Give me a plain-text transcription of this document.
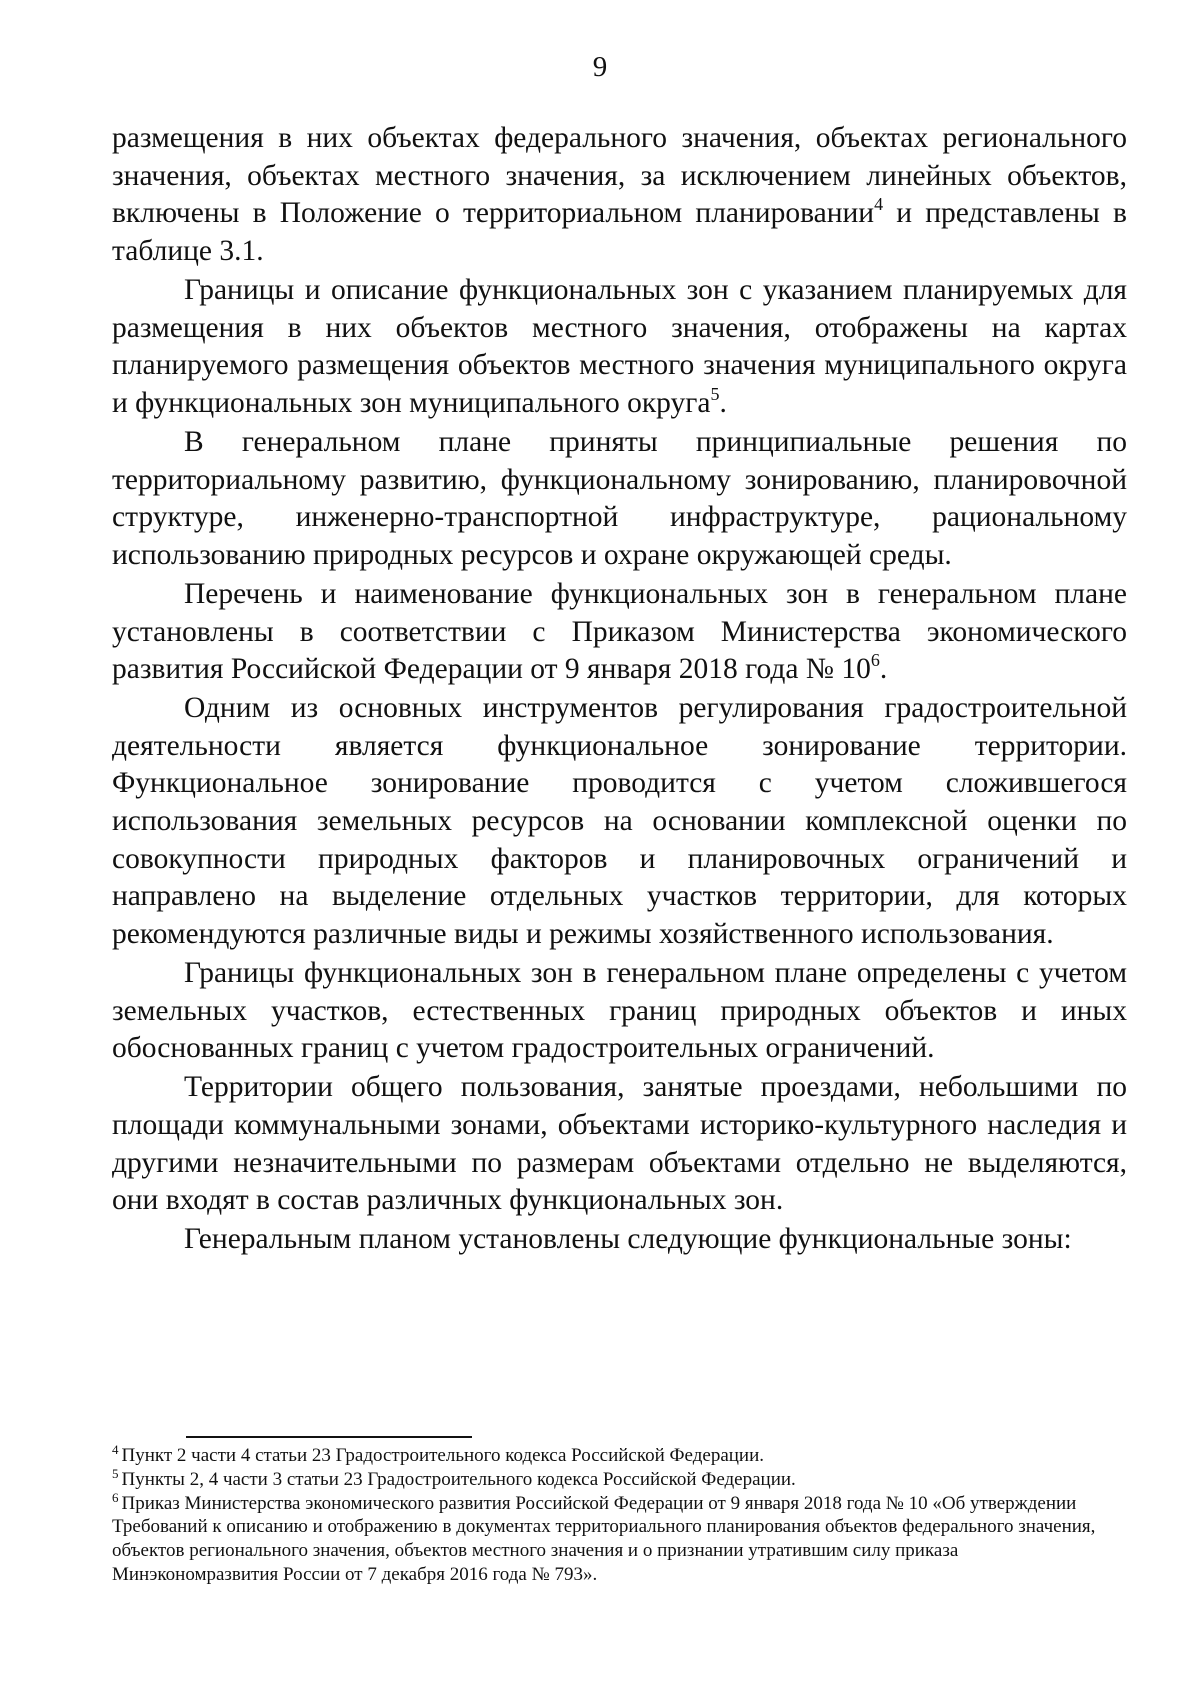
9

размещения в них объектах федерального значения, объектах регионального значения, объектах местного значения, за исключением линейных объектов, включены в Положение о территориальном планировании$^4$ и представлены в таблице 3.1.

Границы и описание функциональных зон с указанием планируемых для размещения в них объектов местного значения, отображены на картах планируемого размещения объектов местного значения муниципального округа и функциональных зон муниципального округа$^5$.

В генеральном плане приняты принципиальные решения по территориальному развитию, функциональному зонированию, планировочной структуре, инженерно-транспортной инфраструктуре, рациональному использованию природных ресурсов и охране окружающей среды.

Перечень и наименование функциональных зон в генеральном плане установлены в соответствии с Приказом Министерства экономического развития Российской Федерации от 9 января 2018 года № 10$^6$.

Одним из основных инструментов регулирования градостроительной деятельности является функциональное зонирование территории. Функциональное зонирование проводится с учетом сложившегося использования земельных ресурсов на основании комплексной оценки по совокупности природных факторов и планировочных ограничений и направлено на выделение отдельных участков территории, для которых рекомендуются различные виды и режимы хозяйственного использования.

Границы функциональных зон в генеральном плане определены с учетом земельных участков, естественных границ природных объектов и иных обоснованных границ с учетом градостроительных ограничений.

Территории общего пользования, занятые проездами, небольшими по площади коммунальными зонами, объектами историко-культурного наследия и другими незначительными по размерам объектами отдельно не выделяются, они входят в состав различных функциональных зон.

Генеральным планом установлены следующие функциональные зоны:

$^4$ Пункт 2 части 4 статьи 23 Градостроительного кодекса Российской Федерации.

$^5$ Пункты 2, 4 части 3 статьи 23 Градостроительного кодекса Российской Федерации.

$^6$ Приказ Министерства экономического развития Российской Федерации от 9 января 2018 года № 10 «Об утверждении Требований к описанию и отображению в документах территориального планирования объектов федерального значения, объектов регионального значения, объектов местного значения и о признании утратившим силу приказа Минэкономразвития России от 7 декабря 2016 года № 793».
